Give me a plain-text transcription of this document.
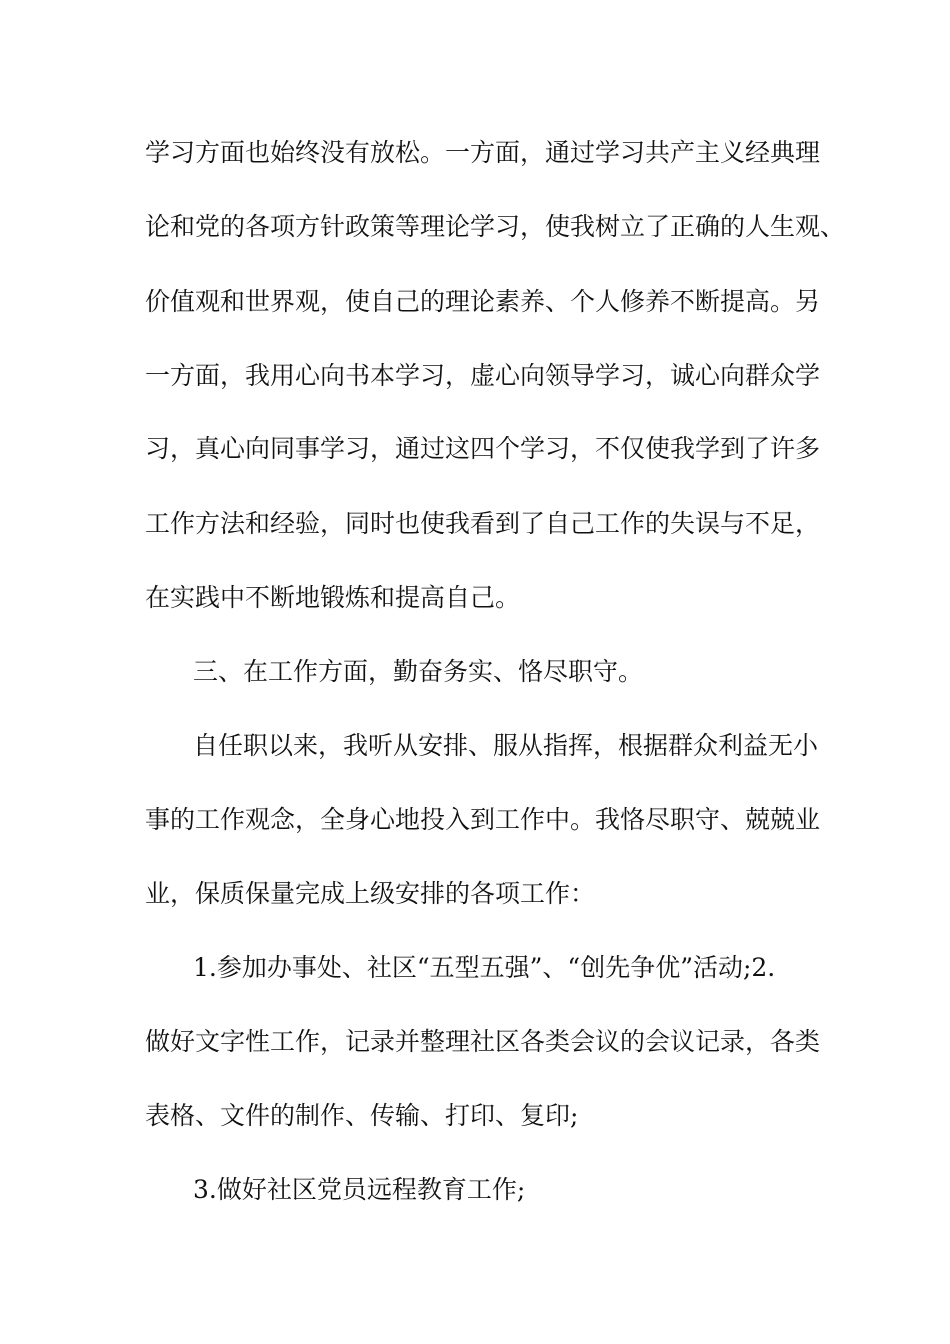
学习方面也始终没有放松。一方面，通过学习共产主义经典理
论和党的各项方针政策等理论学习，使我树立了正确的人生观、
价值观和世界观，使自己的理论素养、个人修养不断提高。另
一方面，我用心向书本学习，虚心向领导学习，诚心向群众学
习，真心向同事学习，通过这四个学习，不仅使我学到了许多
工作方法和经验，同时也使我看到了自己工作的失误与不足，
在实践中不断地锻炼和提高自己。
三、在工作方面，勤奋务实、恪尽职守。
自任职以来，我听从安排、服从指挥，根据群众利益无小
事的工作观念，全身心地投入到工作中。我恪尽职守、兢兢业
业，保质保量完成上级安排的各项工作：
1.参加办事处、社区“五型五强”、“创先争优”活动;2.
做好文字性工作，记录并整理社区各类会议的会议记录，各类
表格、文件的制作、传输、打印、复印;
3.做好社区党员远程教育工作;
